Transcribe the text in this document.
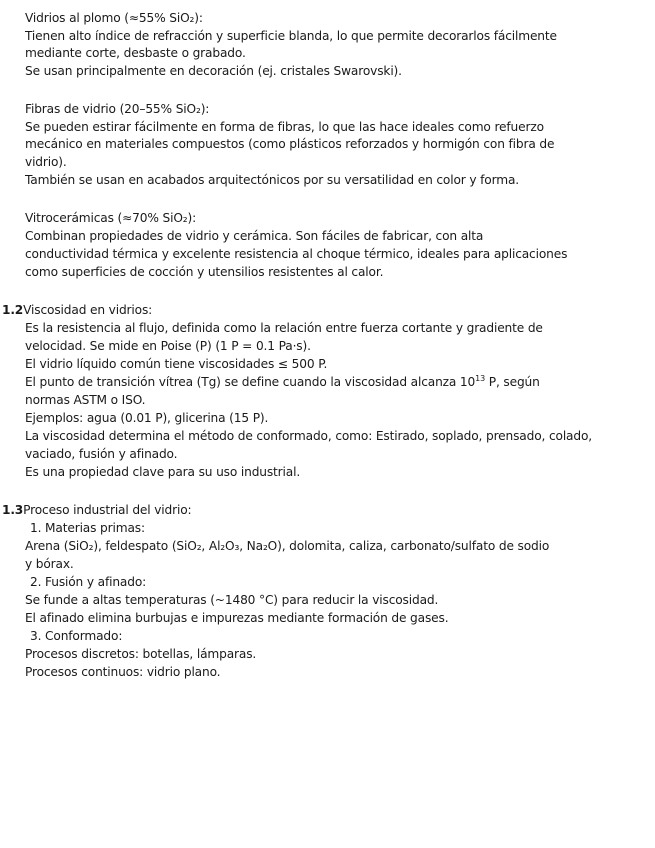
Vidrios al plomo (≈55% SiO₂):
Tienen alto índice de refracción y superficie blanda, lo que permite decorarlos fácilmente
mediante corte, desbaste o grabado.
Se usan principalmente en decoración (ej. cristales Swarovski).
Fibras de vidrio (20–55% SiO₂):
Se pueden estirar fácilmente en forma de fibras, lo que las hace ideales como refuerzo
mecánico en materiales compuestos (como plásticos reforzados y hormigón con fibra de
vidrio).
También se usan en acabados arquitectónicos por su versatilidad en color y forma.
Vitrocerámicas (≈70% SiO₂):
Combinan propiedades de vidrio y cerámica. Son fáciles de fabricar, con alta
conductividad térmica y excelente resistencia al choque térmico, ideales para aplicaciones
como superficies de cocción y utensilios resistentes al calor.
1.2Viscosidad en vidrios:
Es la resistencia al flujo, definida como la relación entre fuerza cortante y gradiente de
velocidad. Se mide en Poise (P) (1 P = 0.1 Pa·s).
El vidrio líquido común tiene viscosidades ≤ 500 P.
El punto de transición vítrea (Tg) se define cuando la viscosidad alcanza $10^{13}$ P, según
normas ASTM o ISO.
Ejemplos: agua (0.01 P), glicerina (15 P).
La viscosidad determina el método de conformado, como: Estirado, soplado, prensado, colado,
vaciado, fusión y afinado.
Es una propiedad clave para su uso industrial.
1.3Proceso industrial del vidrio:
1. Materias primas:
Arena (SiO₂), feldespato (SiO₂, Al₂O₃, Na₂O), dolomita, caliza, carbonato/sulfato de sodio
y bórax.
2. Fusión y afinado:
Se funde a altas temperaturas (~1480 °C) para reducir la viscosidad.
El afinado elimina burbujas e impurezas mediante formación de gases.
3. Conformado:
Procesos discretos: botellas, lámparas.
Procesos continuos: vidrio plano.
